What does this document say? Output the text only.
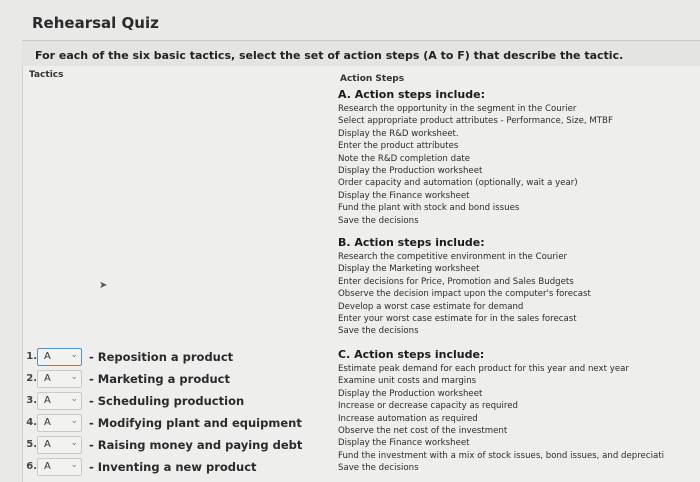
Rehearsal Quiz
For each of the six basic tactics, select the set of action steps (A to F) that describe the tactic.
Tactics	Action Steps
A. Action steps include:
Research the opportunity in the segment in the Courier
Select appropriate product attributes - Performance, Size, MTBF
Display the R&D worksheet.
Enter the product attributes
Note the R&D completion date
Display the Production worksheet
Order capacity and automation (optionally, wait a year)
Display the Finance worksheet
Fund the plant with stock and bond issues
Save the decisions
B. Action steps include:
Research the competitive environment in the Courier
Display the Marketing worksheet
Enter decisions for Price, Promotion and Sales Budgets
Observe the decision impact upon the computer's forecast
Develop a worst case estimate for demand
Enter your worst case estimate for in the sales forecast
Save the decisions
C. Action steps include:
Estimate peak demand for each product for this year and next year
Examine unit costs and margins
Display the Production worksheet
Increase or decrease capacity as required
Increase automation as required
Observe the net cost of the investment
Display the Finance worksheet
Fund the investment with a mix of stock issues, bond issues, and depreciati
Save the decisions
➤
1. A ⌄ - Reposition a product
2. A ⌄ - Marketing a product
3. A ⌄ - Scheduling production
4. A ⌄ - Modifying plant and equipment
5. A ⌄ - Raising money and paying debt
6. A ⌄ - Inventing a new product
